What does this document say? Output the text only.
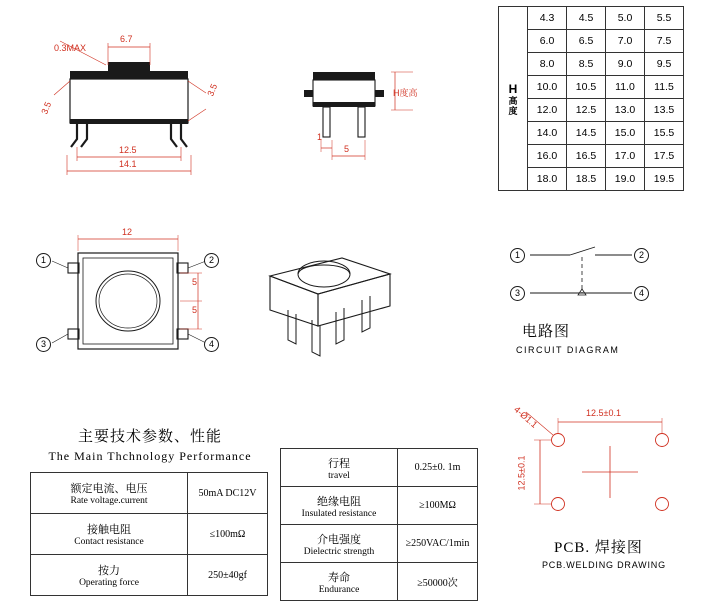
H
高
度	4.3	4.5	5.0	5.5
	6.0	6.5	7.0	7.5
	8.0	8.5	9.0	9.5
	10.0	10.5	11.0	11.5
	12.0	12.5	13.0	13.5
	14.0	14.5	15.0	15.5
	16.0	16.5	17.0	17.5
	18.0	18.5	19.0	19.5
0.3MAX
6.7
3.5
3.5
12.5
14.1
H度高
1
5
12
5
5
1	2
3	4
1	2
3	4
电路图
CIRCUIT DIAGRAM
主要技术参数、性能
The Main Thchnology Performance
额定电流、电压
Rate voltage.current	50mA DC12V

接触电阻
Contact resistance	≤100mΩ

按力
Operating force	250±40gf
行程
travel	0.25±0. 1m

绝缘电阻
Insulated resistance	≥100MΩ

介电强度
Dielectric strength	≥250VAC/1min

寿命
Endurance	≥50000次
4-Ø1.1	12.5±0.1
12.5±0.1
PCB. 焊接图
PCB.WELDING DRAWING
